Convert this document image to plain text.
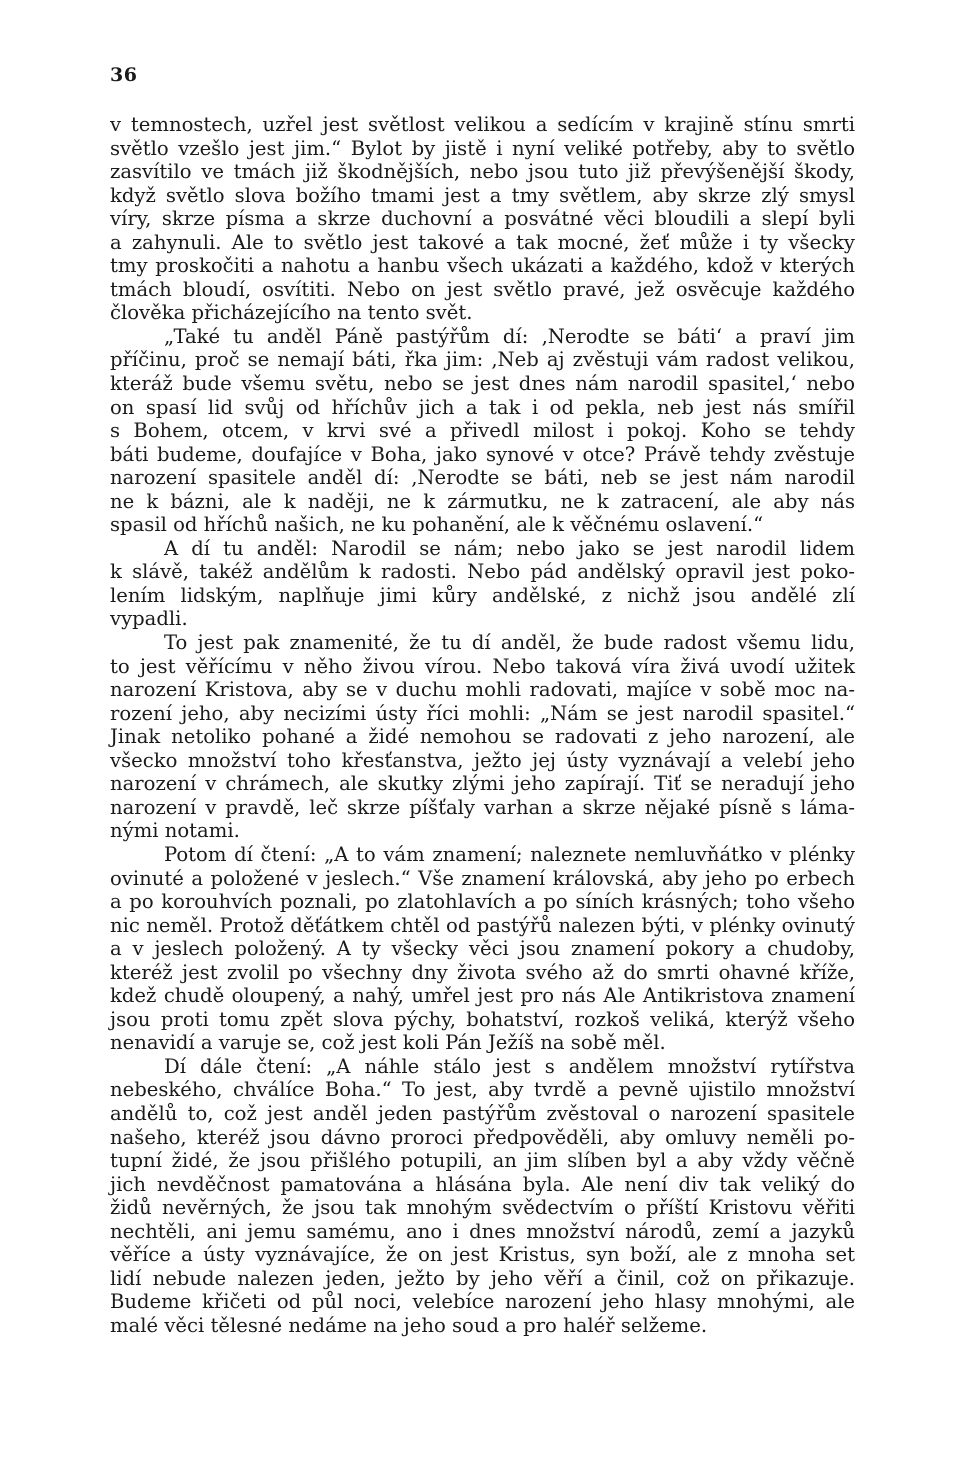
36
v temnostech, uzřel jest světlost velikou a sedícím v krajině stínu smrti
světlo vzešlo jest jim.“ Bylot by jistě i nyní veliké potřeby, aby to světlo
zasvítilo ve tmách již škodnějších, nebo jsou tuto již převýšenější škody,
když světlo slova božího tmami jest a tmy světlem, aby skrze zlý smysl
víry, skrze písma a skrze duchovní a posvátné věci bloudili a slepí byli
a zahynuli. Ale to světlo jest takové a tak mocné, žeť může i ty všecky
tmy proskočiti a nahotu a hanbu všech ukázati a každého, kdož v kterých
tmách bloudí, osvítiti. Nebo on jest světlo pravé, jež osvěcuje každého
člověka přicházejícího na tento svět.
„Také tu anděl Páně pastýřům dí: ‚Nerodte se báti‘ a praví jim
příčinu, proč se nemají báti, řka jim: ‚Neb aj zvěstuji vám radost velikou,
kteráž bude všemu světu, nebo se jest dnes nám narodil spasitel,‘ nebo
on spasí lid svůj od hříchův jich a tak i od pekla, neb jest nás smířil
s Bohem, otcem, v krvi své a přivedl milost i pokoj. Koho se tehdy
báti budeme, doufajíce v Boha, jako synové v otce? Právě tehdy zvěstuje
narození spasitele anděl dí: ‚Nerodte se báti, neb se jest nám narodil
ne k bázni, ale k naději, ne k zármutku, ne k zatracení, ale aby nás
spasil od hříchů našich, ne ku pohanění, ale k věčnému oslavení.“
A dí tu anděl: Narodil se nám; nebo jako se jest narodil lidem
k slávě, takéž andělům k radosti. Nebo pád andělský opravil jest poko-
lením lidským, naplňuje jimi kůry andělské, z nichž jsou andělé zlí
vypadli.
To jest pak znamenité, že tu dí anděl, že bude radost všemu lidu,
to jest věřícímu v něho živou vírou. Nebo taková víra živá uvodí užitek
narození Kristova, aby se v duchu mohli radovati, majíce v sobě moc na-
rození jeho, aby necizími ústy říci mohli: „Nám se jest narodil spasitel.“
Jinak netoliko pohané a židé nemohou se radovati z jeho narození, ale
všecko množství toho křesťanstva, ježto jej ústy vyznávají a velebí jeho
narození v chrámech, ale skutky zlými jeho zapírají. Tiť se neradují jeho
narození v pravdě, leč skrze píšťaly varhan a skrze nějaké písně s láma-
nými notami.
Potom dí čtení: „A to vám znamení; naleznete nemluvňátko v plénky
ovinuté a položené v jeslech.“ Vše znamení královská, aby jeho po erbech
a po korouhvích poznali, po zlatohlavích a po síních krásných; toho všeho
nic neměl. Protož děťátkem chtěl od pastýřů nalezen býti, v plénky ovinutý
a v jeslech položený. A ty všecky věci jsou znamení pokory a chudoby,
kteréž jest zvolil po všechny dny života svého až do smrti ohavné kříže,
kdež chudě oloupený, a nahý, umřel jest pro nás Ale Antikristova znamení
jsou proti tomu zpět slova pýchy, bohatství, rozkoš veliká, kterýž všeho
nenavidí a varuje se, což jest koli Pán Ježíš na sobě měl.
Dí dále čtení: „A náhle stálo jest s andělem množství rytířstva
nebeského, chválíce Boha.“ To jest, aby tvrdě a pevně ujistilo množství
andělů to, což jest anděl jeden pastýřům zvěstoval o narození spasitele
našeho, kteréž jsou dávno proroci předpověděli, aby omluvy neměli po-
tupní židé, že jsou přišlého potupili, an jim slíben byl a aby vždy věčně
jich nevděčnost pamatována a hlásána byla. Ale není div tak veliký do
židů nevěrných, že jsou tak mnohým svědectvím o příští Kristovu věřiti
nechtěli, ani jemu samému, ano i dnes množství národů, zemí a jazyků
věříce a ústy vyznávajíce, že on jest Kristus, syn boží, ale z mnoha set
lidí nebude nalezen jeden, ježto by jeho věří a činil, což on přikazuje.
Budeme křičeti od půl noci, velebíce narození jeho hlasy mnohými, ale
malé věci tělesné nedáme na jeho soud a pro haléř selžeme.
